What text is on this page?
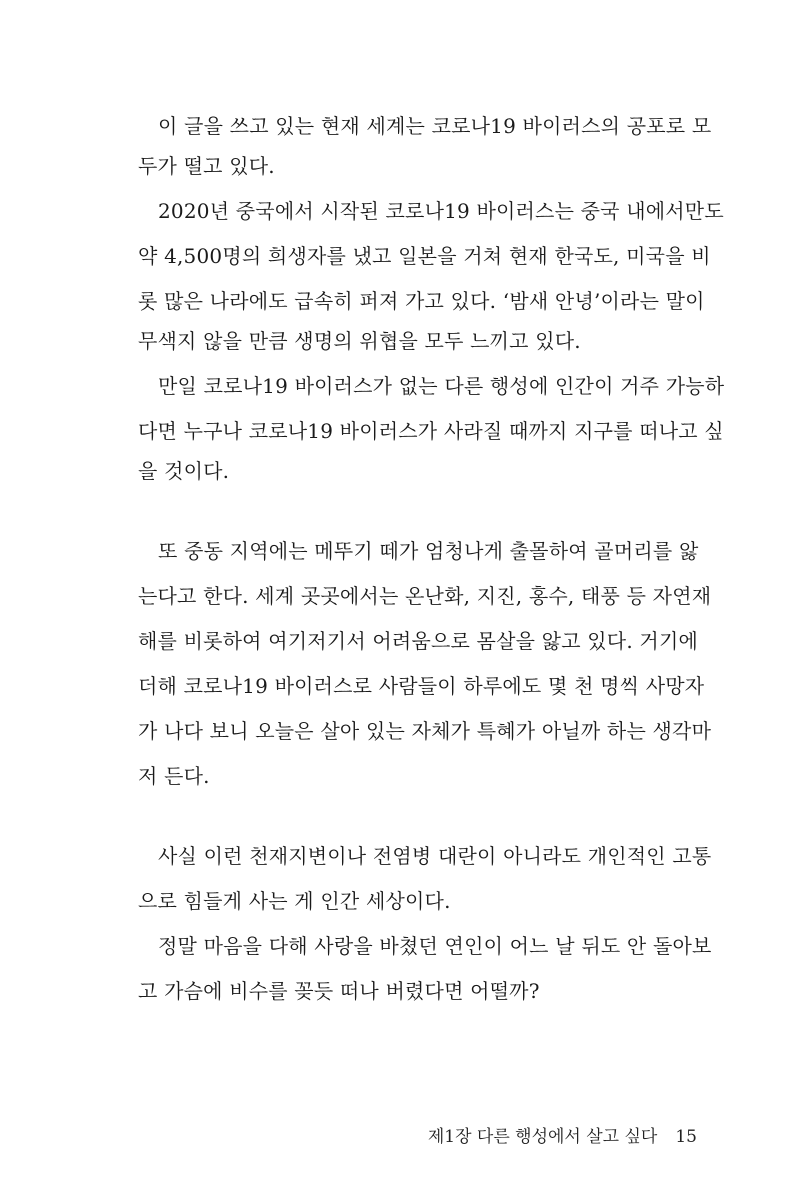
이 글을 쓰고 있는 현재 세계는 코로나19 바이러스의 공포로 모
두가 떨고 있다.
2020년 중국에서 시작된 코로나19 바이러스는 중국 내에서만도
약 4,500명의 희생자를 냈고 일본을 거쳐 현재 한국도, 미국을 비
롯 많은 나라에도 급속히 퍼져 가고 있다. ‘밤새 안녕’이라는 말이
무색지 않을 만큼 생명의 위협을 모두 느끼고 있다.
만일 코로나19 바이러스가 없는 다른 행성에 인간이 거주 가능하
다면 누구나 코로나19 바이러스가 사라질 때까지 지구를 떠나고 싶
을 것이다.
또 중동 지역에는 메뚜기 떼가 엄청나게 출몰하여 골머리를 앓
는다고 한다. 세계 곳곳에서는 온난화, 지진, 홍수, 태풍 등 자연재
해를 비롯하여 여기저기서 어려움으로 몸살을 앓고 있다. 거기에
더해 코로나19 바이러스로 사람들이 하루에도 몇 천 명씩 사망자
가 나다 보니 오늘은 살아 있는 자체가 특혜가 아닐까 하는 생각마
저 든다.
사실 이런 천재지변이나 전염병 대란이 아니라도 개인적인 고통
으로 힘들게 사는 게 인간 세상이다.
정말 마음을 다해 사랑을 바쳤던 연인이 어느 날 뒤도 안 돌아보
고 가슴에 비수를 꽂듯 떠나 버렸다면 어떨까?
제1장 다른 행성에서 살고 싶다 15
